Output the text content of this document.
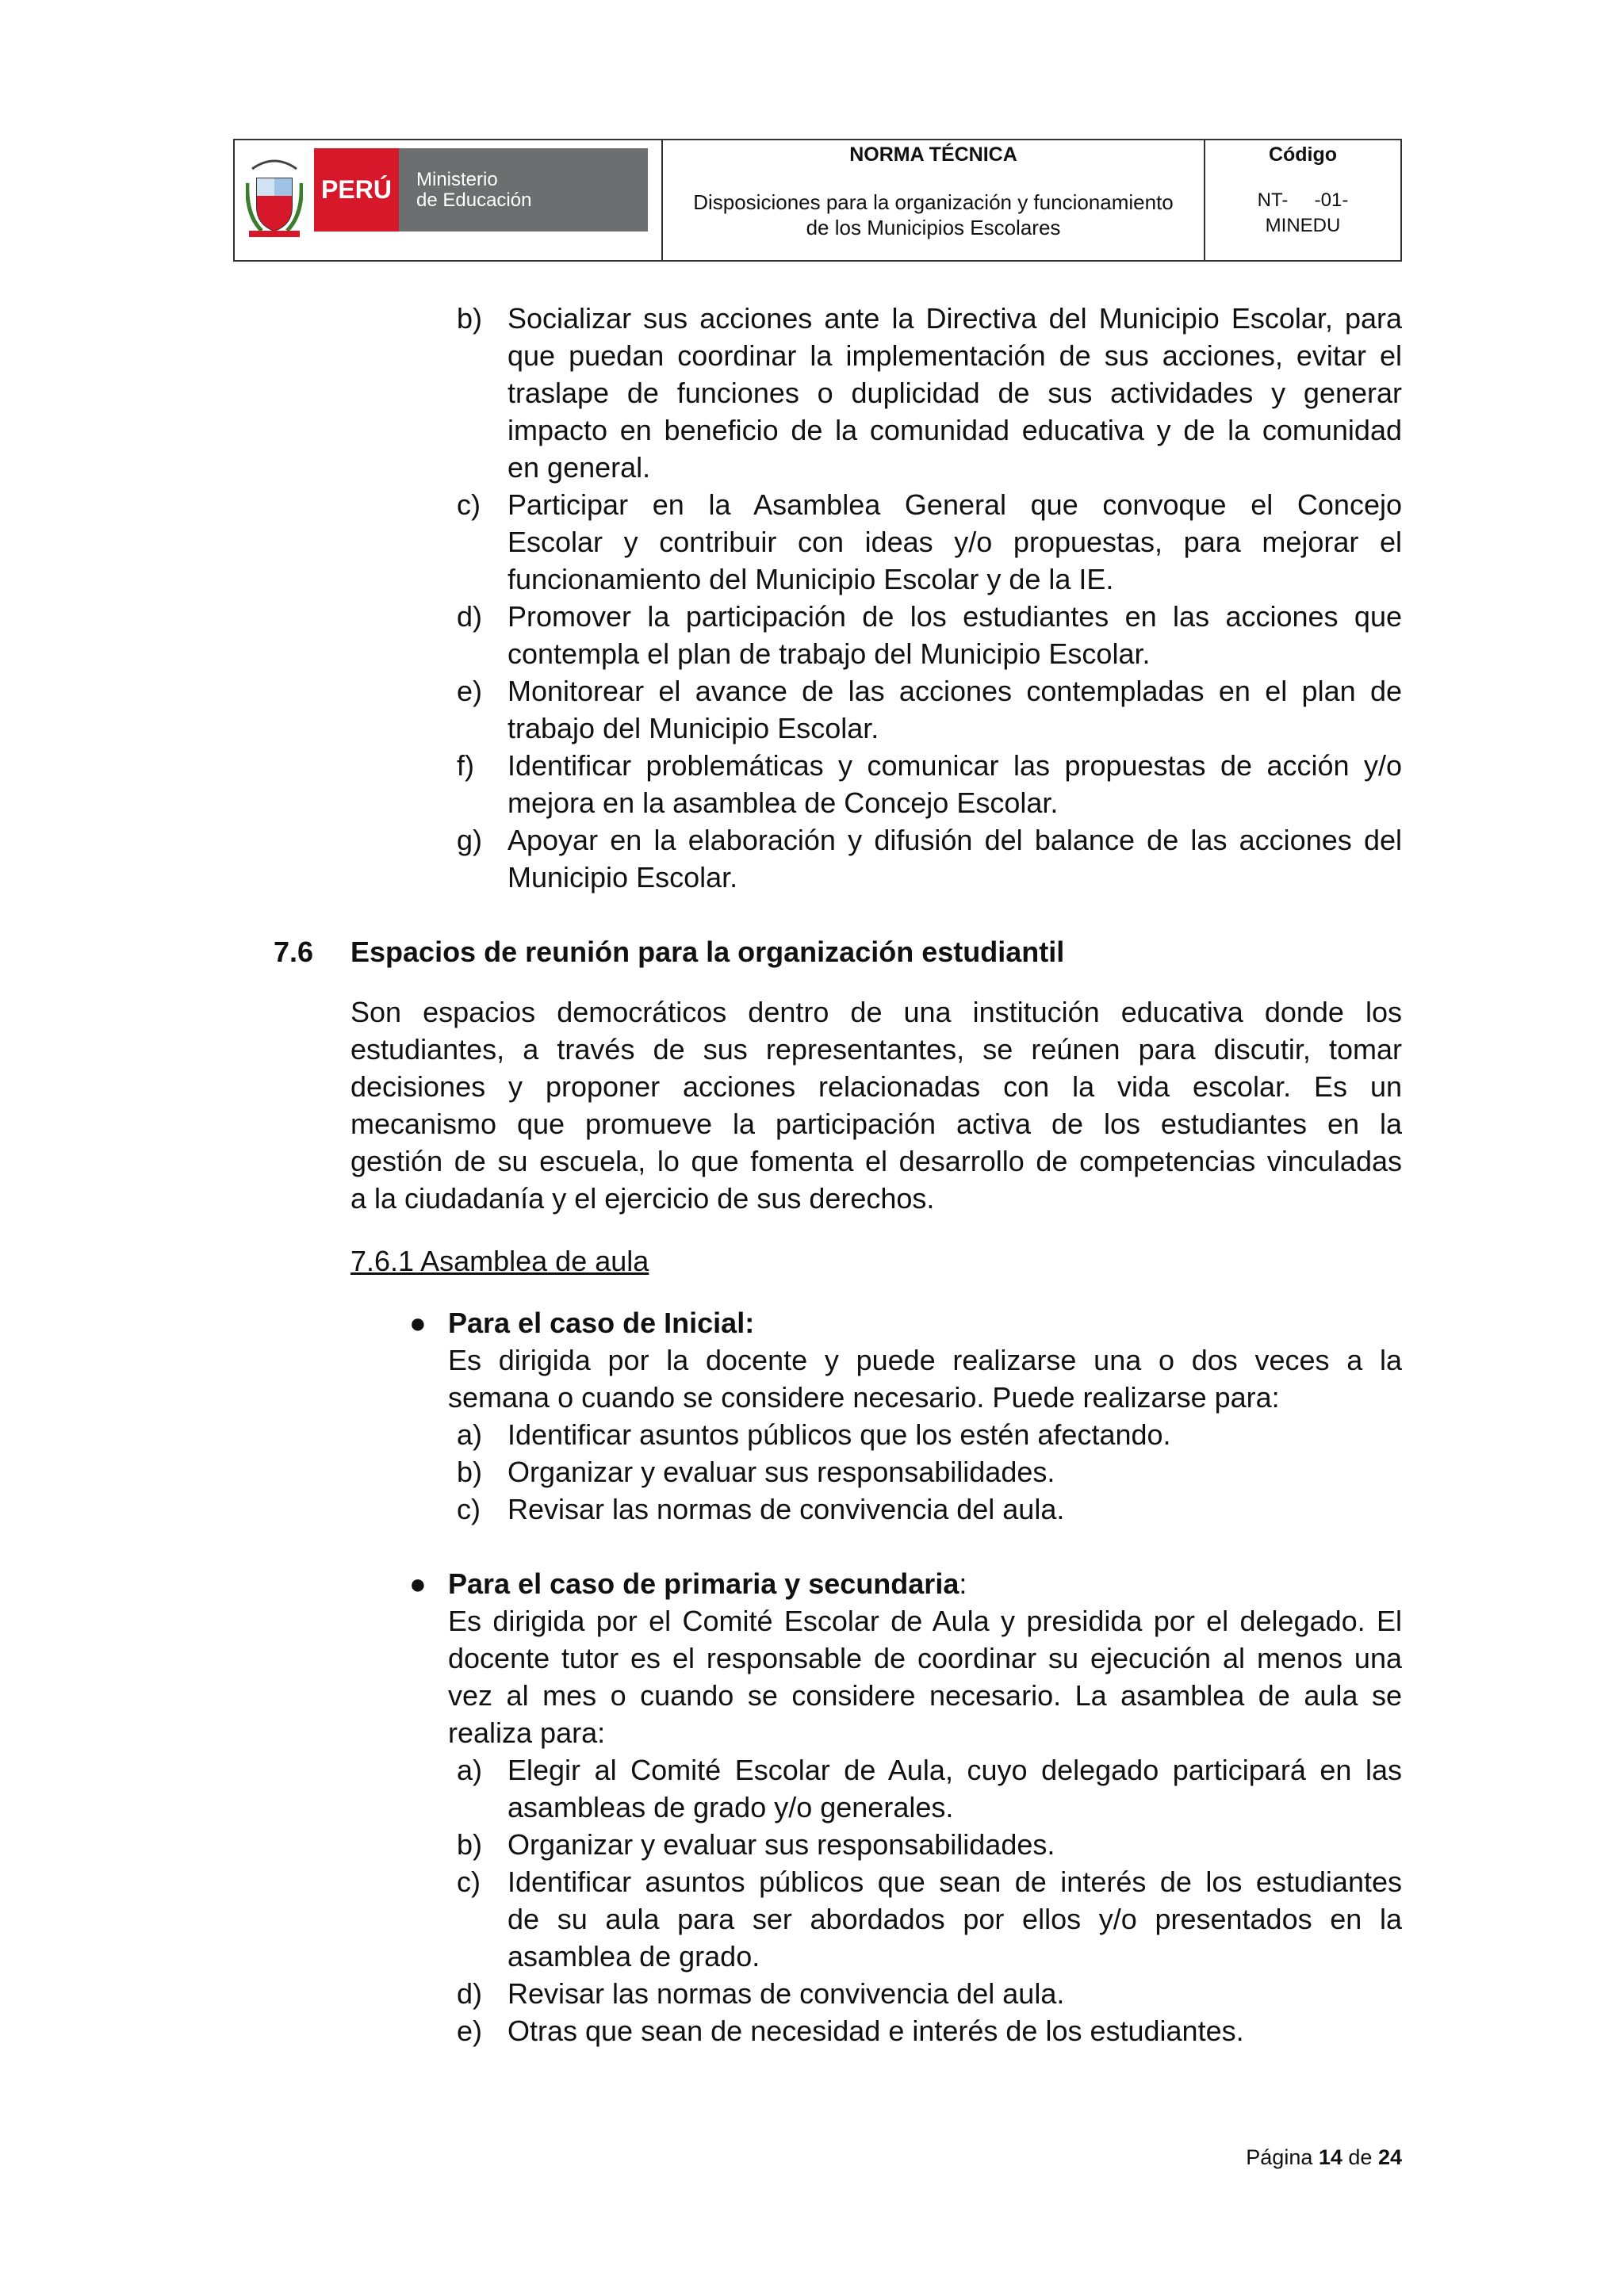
PERÚ	Ministerio
de Educación
NORMA TÉCNICA
Disposiciones para la organización y funcionamiento
de los Municipios Escolares
Código
NT-     -01-
MINEDU
b) Socializar sus acciones ante la Directiva del Municipio Escolar, para
que puedan coordinar la implementación de sus acciones, evitar el
traslape de funciones o duplicidad de sus actividades y generar
impacto en beneficio de la comunidad educativa y de la comunidad
en general.
c) Participar en la Asamblea General que convoque el Concejo
Escolar y contribuir con ideas y/o propuestas, para mejorar el
funcionamiento del Municipio Escolar y de la IE.
d) Promover la participación de los estudiantes en las acciones que
contempla el plan de trabajo del Municipio Escolar.
e) Monitorear el avance de las acciones contempladas en el plan de
trabajo del Municipio Escolar.
f) Identificar problemáticas y comunicar las propuestas de acción y/o
mejora en la asamblea de Concejo Escolar.
g) Apoyar en la elaboración y difusión del balance de las acciones del
Municipio Escolar.
7.6 Espacios de reunión para la organización estudiantil
Son espacios democráticos dentro de una institución educativa donde los
estudiantes, a través de sus representantes, se reúnen para discutir, tomar
decisiones y proponer acciones relacionadas con la vida escolar. Es un
mecanismo que promueve la participación activa de los estudiantes en la
gestión de su escuela, lo que fomenta el desarrollo de competencias vinculadas
a la ciudadanía y el ejercicio de sus derechos.
7.6.1 Asamblea de aula
● Para el caso de Inicial:
Es dirigida por la docente y puede realizarse una o dos veces a la
semana o cuando se considere necesario. Puede realizarse para:
a) Identificar asuntos públicos que los estén afectando.
b) Organizar y evaluar sus responsabilidades.
c) Revisar las normas de convivencia del aula.
● Para el caso de primaria y secundaria:
Es dirigida por el Comité Escolar de Aula y presidida por el delegado. El
docente tutor es el responsable de coordinar su ejecución al menos una
vez al mes o cuando se considere necesario. La asamblea de aula se
realiza para:
a) Elegir al Comité Escolar de Aula, cuyo delegado participará en las
asambleas de grado y/o generales.
b) Organizar y evaluar sus responsabilidades.
c) Identificar asuntos públicos que sean de interés de los estudiantes
de su aula para ser abordados por ellos y/o presentados en la
asamblea de grado.
d) Revisar las normas de convivencia del aula.
e) Otras que sean de necesidad e interés de los estudiantes.
Página 14 de 24
